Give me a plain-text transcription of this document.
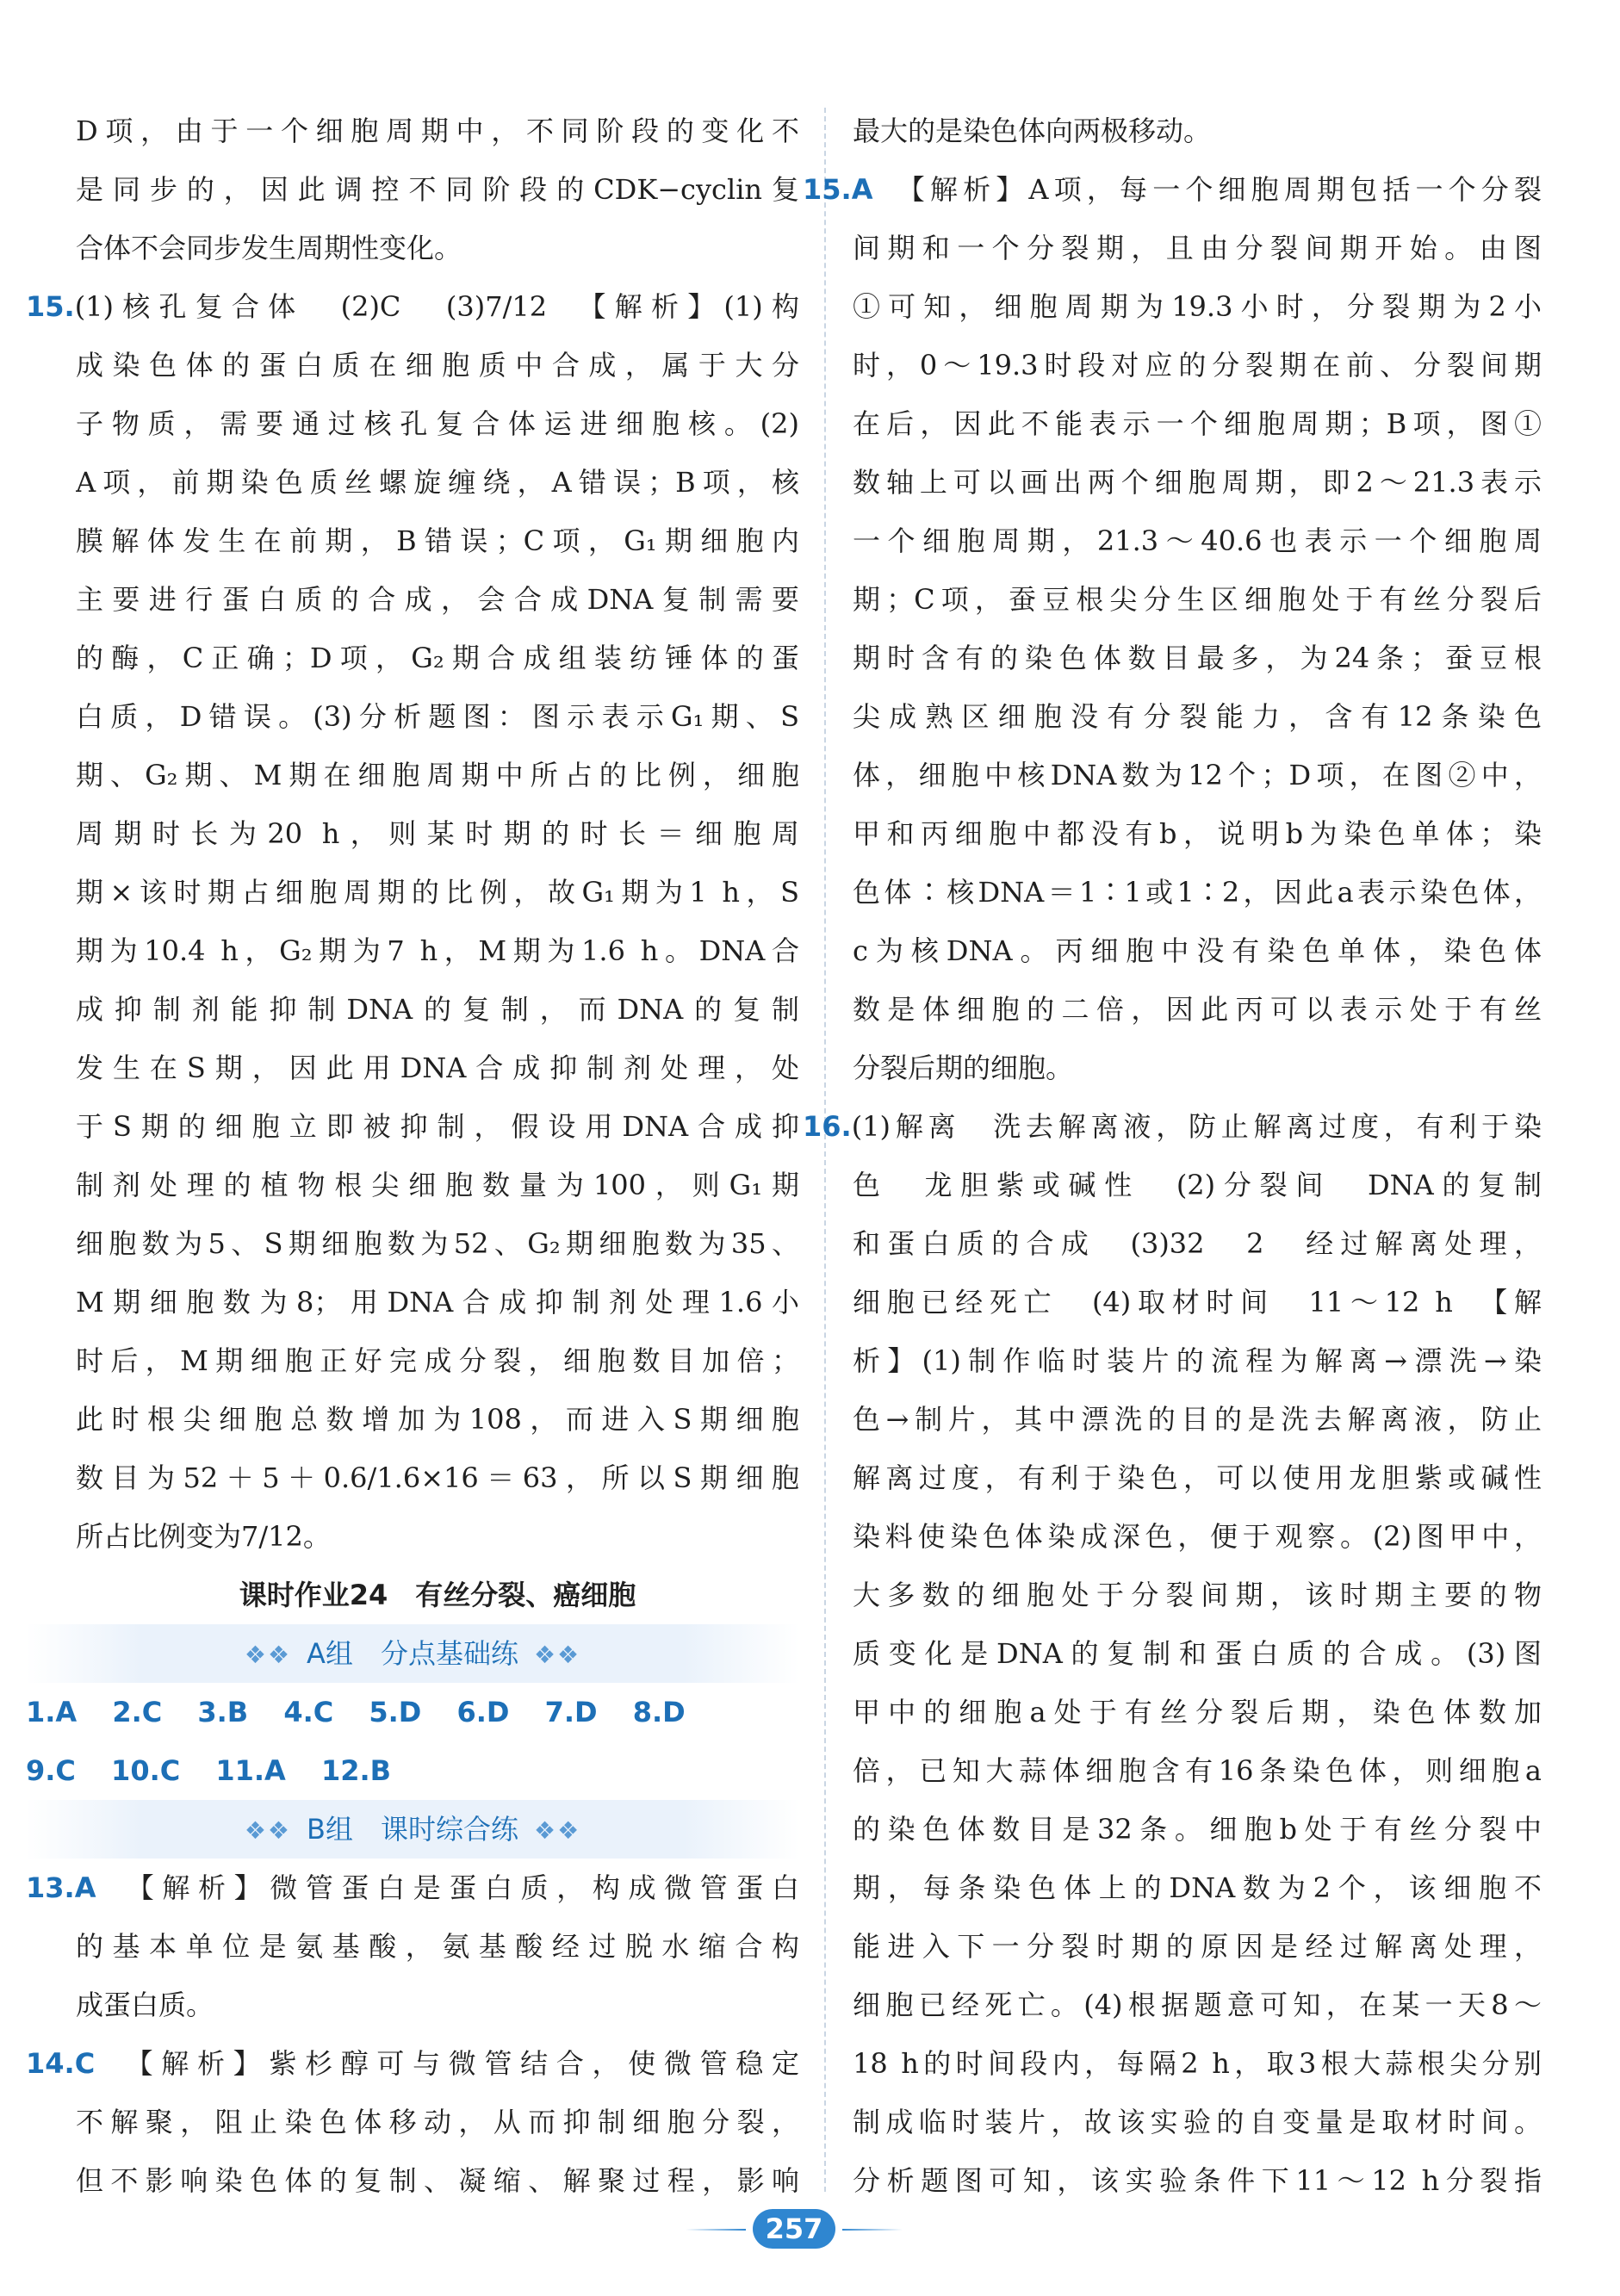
D项，由于一个细胞周期中，不同阶段的变化不
是同步的，因此调控不同阶段的CDK−cyclin复
合体不会同步发生周期性变化。
15.(1)核孔复合体　(2)C　(3)7/12　【解析】(1)构
成染色体的蛋白质在细胞质中合成，属于大分
子物质，需要通过核孔复合体运进细胞核。(2)
A项，前期染色质丝螺旋缠绕，A错误；B项，核
膜解体发生在前期，B错误；C项，G₁期细胞内
主要进行蛋白质的合成，会合成DNA复制需要
的酶，C正确；D项，G₂期合成组装纺锤体的蛋
白质，D错误。(3)分析题图：图示表示G₁期、S
期、G₂期、M期在细胞周期中所占的比例，细胞
周期时长为20 h，则某时期的时长＝细胞周
期×该时期占细胞周期的比例，故G₁期为1 h，S
期为10.4 h，G₂期为7 h，M期为1.6 h。DNA合
成抑制剂能抑制DNA的复制，而DNA的复制
发生在S期，因此用DNA合成抑制剂处理，处
于S期的细胞立即被抑制，假设用DNA合成抑
制剂处理的植物根尖细胞数量为100，则G₁期
细胞数为5、S期细胞数为52、G₂期细胞数为35、
M期细胞数为8；用DNA合成抑制剂处理1.6小
时后，M期细胞正好完成分裂，细胞数目加倍；
此时根尖细胞总数增加为108，而进入S期细胞
数目为52＋5＋0.6/1.6×16＝63，所以S期细胞
所占比例变为7/12。
课时作业24　有丝分裂、癌细胞
❖❖ A组　分点基础练 ❖❖
1.A 2.C 3.B 4.C 5.D 6.D 7.D 8.D
9.C 10.C 11.A 12.B
❖❖ B组　课时综合练 ❖❖
13.A　 【解析】微管蛋白是蛋白质，构成微管蛋白
的基本单位是氨基酸，氨基酸经过脱水缩合构
成蛋白质。
14.C　 【解析】紫杉醇可与微管结合，使微管稳定
不解聚，阻止染色体移动，从而抑制细胞分裂，
但不影响染色体的复制、凝缩、解聚过程，影响
最大的是染色体向两极移动。
15.A　 【解析】A项，每一个细胞周期包括一个分裂
间期和一个分裂期，且由分裂间期开始。由图
①可知，细胞周期为19.3小时，分裂期为2小
时，0～19.3时段对应的分裂期在前、分裂间期
在后，因此不能表示一个细胞周期；B项，图①
数轴上可以画出两个细胞周期，即2～21.3表示
一个细胞周期，21.3～40.6也表示一个细胞周
期；C项，蚕豆根尖分生区细胞处于有丝分裂后
期时含有的染色体数目最多，为24条；蚕豆根
尖成熟区细胞没有分裂能力，含有12条染色
体，细胞中核DNA数为12个；D项，在图②中，
甲和丙细胞中都没有b，说明b为染色单体；染
色体∶核DNA＝1∶1或1∶2，因此a表示染色体，
c为核DNA。丙细胞中没有染色单体，染色体
数是体细胞的二倍，因此丙可以表示处于有丝
分裂后期的细胞。
16.(1)解离　洗去解离液，防止解离过度，有利于染
色　龙胆紫或碱性　(2)分裂间　DNA的复制
和蛋白质的合成　(3)32　2　经过解离处理，
细胞已经死亡　(4)取材时间　11～12 h　【解
析】(1)制作临时装片的流程为解离→漂洗→染
色→制片，其中漂洗的目的是洗去解离液，防止
解离过度，有利于染色，可以使用龙胆紫或碱性
染料使染色体染成深色，便于观察。(2)图甲中，
大多数的细胞处于分裂间期，该时期主要的物
质变化是DNA的复制和蛋白质的合成。(3)图
甲中的细胞a处于有丝分裂后期，染色体数加
倍，已知大蒜体细胞含有16条染色体，则细胞a
的染色体数目是32条。细胞b处于有丝分裂中
期，每条染色体上的DNA数为2个，该细胞不
能进入下一分裂时期的原因是经过解离处理，
细胞已经死亡。(4)根据题意可知，在某一天8～
18 h的时间段内，每隔2 h，取3根大蒜根尖分别
制成临时装片，故该实验的自变量是取材时间。
分析题图可知，该实验条件下11～12 h分裂指
257
